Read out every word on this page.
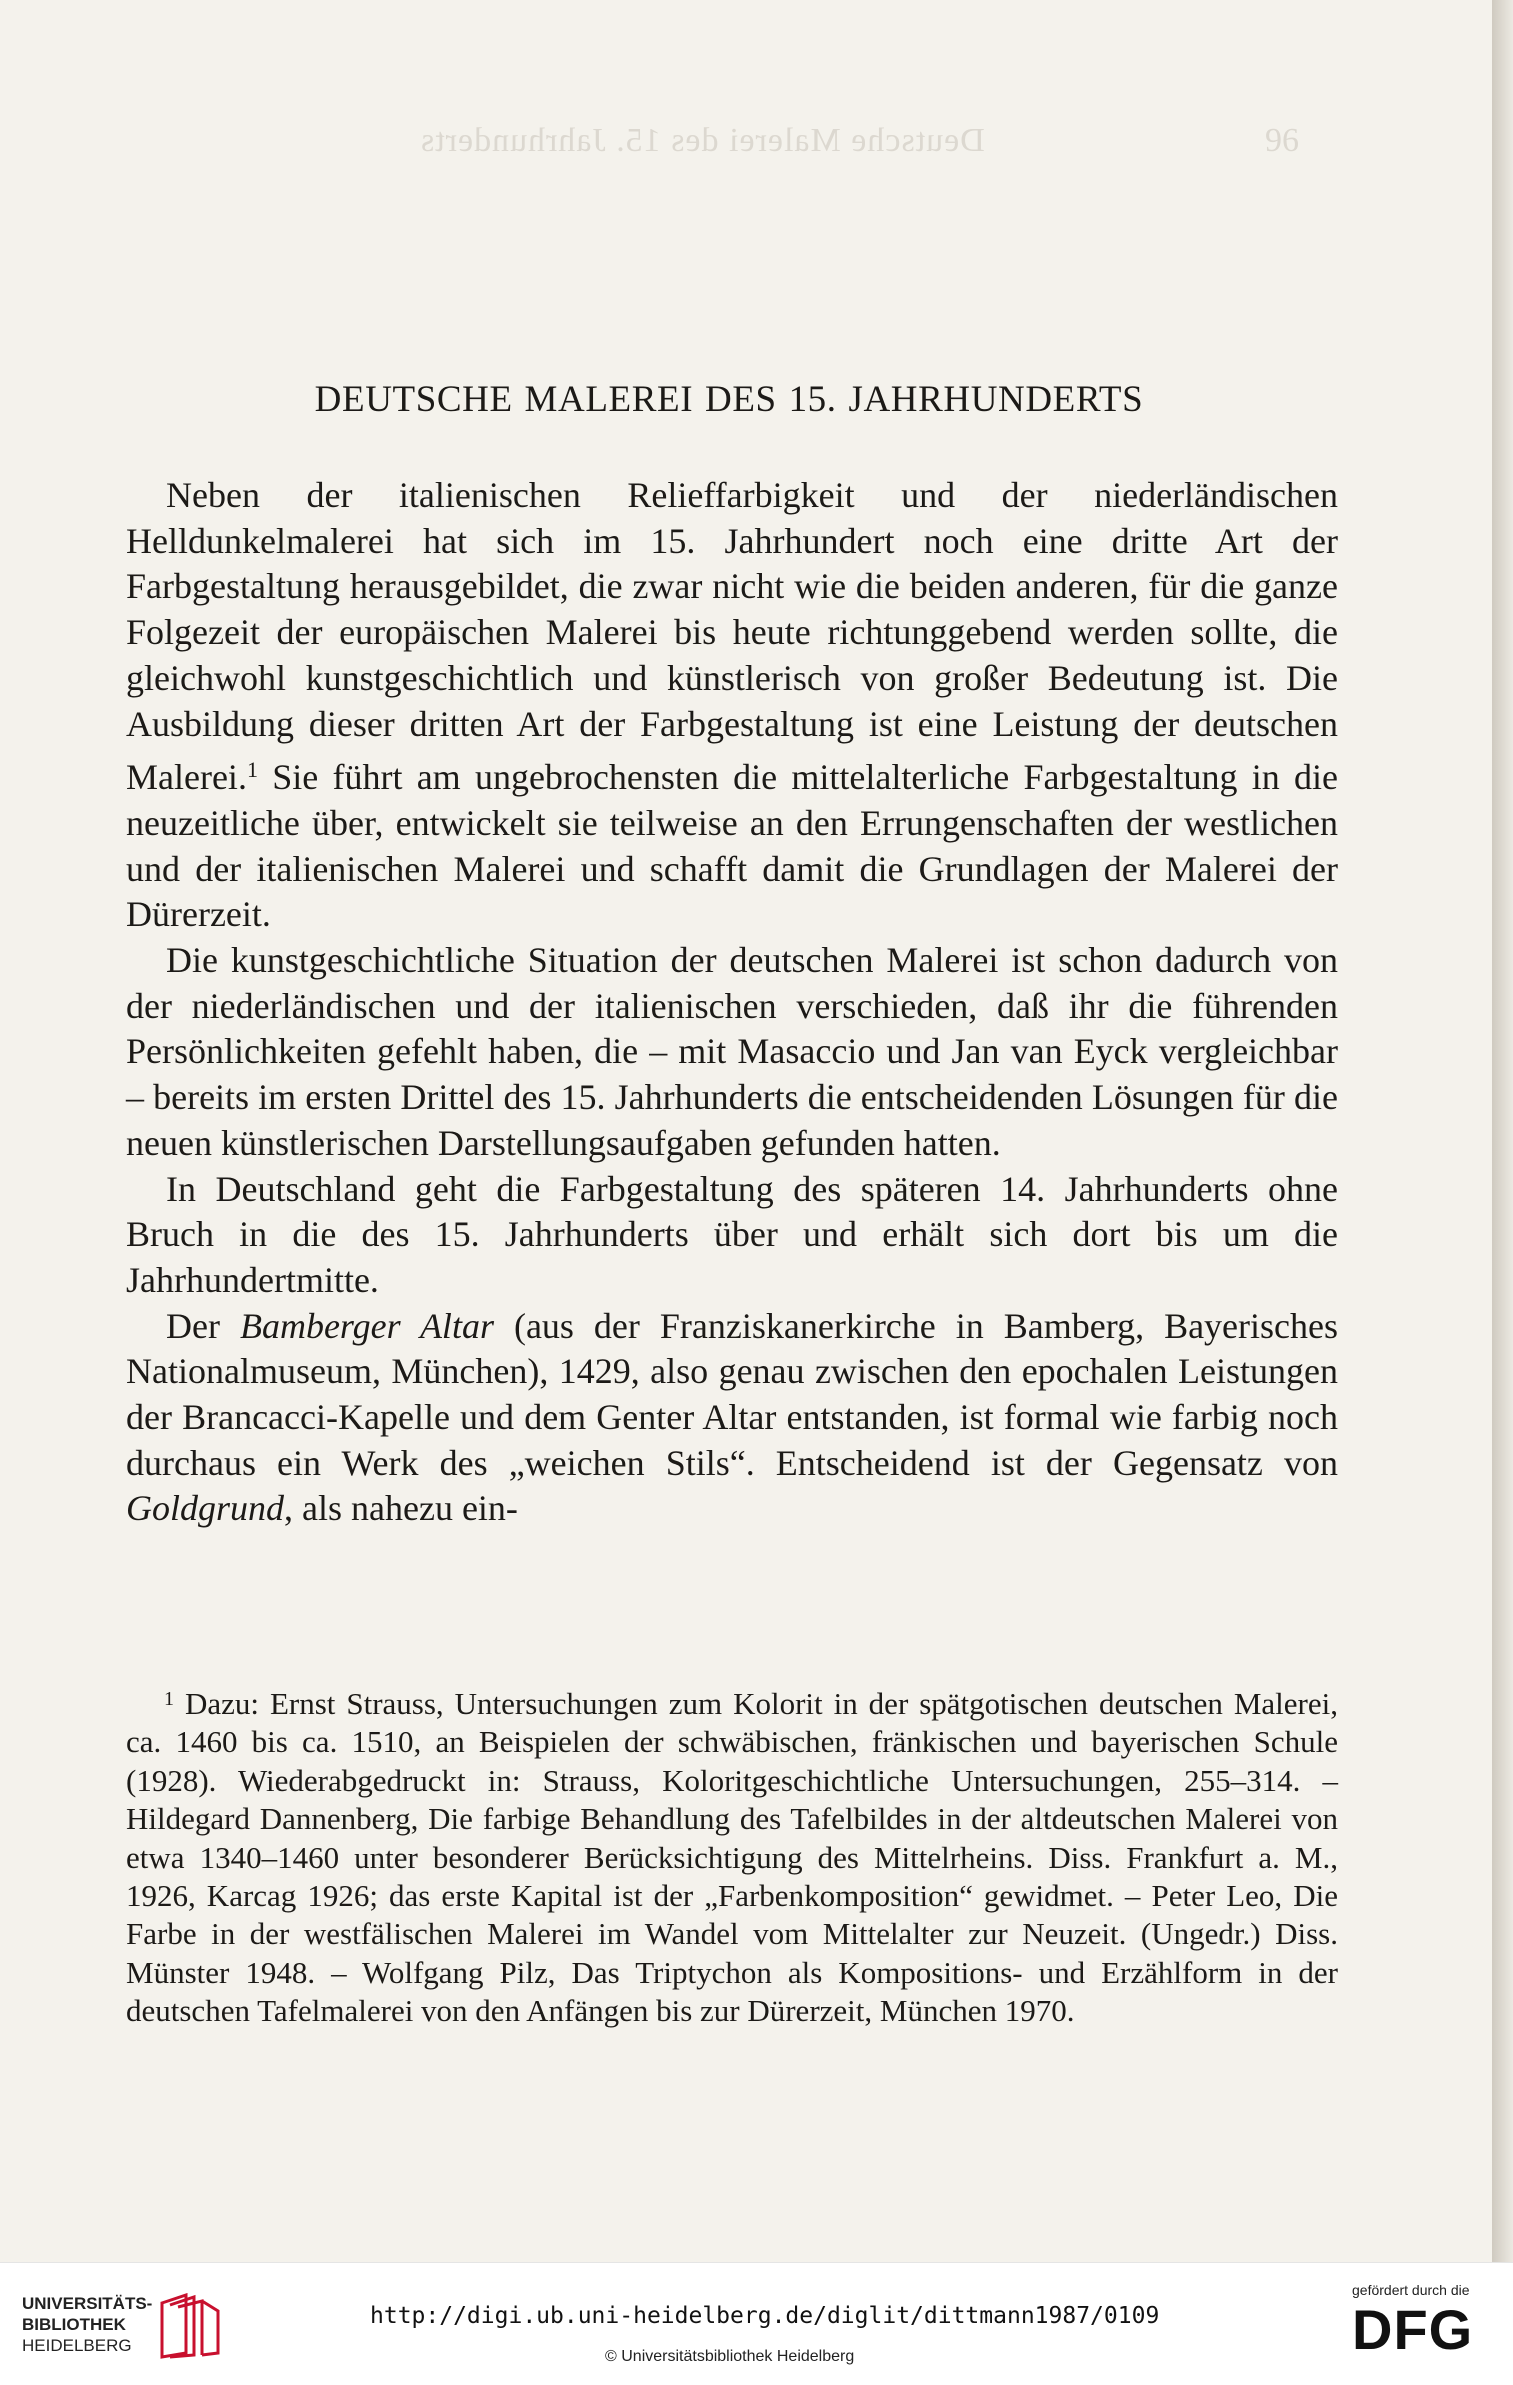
Deutsche Malerei des 15. Jahrhunderts	96
DEUTSCHE MALEREI DES 15. JAHRHUNDERTS

Neben der italienischen Relieffarbigkeit und der niederländischen Helldunkelmalerei hat sich im 15. Jahrhundert noch eine dritte Art der Farbgestaltung herausgebildet, die zwar nicht wie die beiden anderen, für die ganze Folgezeit der europäischen Malerei bis heute richtunggebend werden sollte, die gleichwohl kunstgeschichtlich und künstlerisch von großer Bedeutung ist. Die Ausbildung dieser dritten Art der Farbgestaltung ist eine Leistung der deutschen Malerei.$^1$ Sie führt am ungebrochensten die mittelalterliche Farbgestaltung in die neuzeitliche über, entwickelt sie teilweise an den Errungenschaften der westlichen und der italienischen Malerei und schafft damit die Grundlagen der Malerei der Dürerzeit.

Die kunstgeschichtliche Situation der deutschen Malerei ist schon dadurch von der niederländischen und der italienischen verschieden, daß ihr die führenden Persönlichkeiten gefehlt haben, die – mit Masaccio und Jan van Eyck vergleichbar – bereits im ersten Drittel des 15. Jahrhunderts die entscheidenden Lösungen für die neuen künstlerischen Darstellungsaufgaben gefunden hatten.

In Deutschland geht die Farbgestaltung des späteren 14. Jahrhunderts ohne Bruch in die des 15. Jahrhunderts über und erhält sich dort bis um die Jahrhundertmitte.

Der Bamberger Altar (aus der Franziskanerkirche in Bamberg, Bayerisches Nationalmuseum, München), 1429, also genau zwischen den epochalen Leistungen der Brancacci-Kapelle und dem Genter Altar entstanden, ist formal wie farbig noch durchaus ein Werk des „weichen Stils“. Entscheidend ist der Gegensatz von Goldgrund, als nahezu ein-

$^1$ Dazu: Ernst Strauss, Untersuchungen zum Kolorit in der spätgotischen deutschen Malerei, ca. 1460 bis ca. 1510, an Beispielen der schwäbischen, fränkischen und bayerischen Schule (1928). Wiederabgedruckt in: Strauss, Koloritgeschichtliche Untersuchungen, 255–314. – Hildegard Dannenberg, Die farbige Behandlung des Tafelbildes in der altdeutschen Malerei von etwa 1340–1460 unter besonderer Berücksichtigung des Mittelrheins. Diss. Frankfurt a. M., 1926, Karcag 1926; das erste Kapital ist der „Farbenkomposition“ gewidmet. – Peter Leo, Die Farbe in der westfälischen Malerei im Wandel vom Mittelalter zur Neuzeit. (Ungedr.) Diss. Münster 1948. – Wolfgang Pilz, Das Triptychon als Kompositions- und Erzählform in der deutschen Tafelmalerei von den Anfängen bis zur Dürerzeit, München 1970.

UNIVERSITÄTS-
BIBLIOTHEK
HEIDELBERG
http://digi.ub.uni-heidelberg.de/diglit/dittmann1987/0109
© Universitätsbibliothek Heidelberg
gefördert durch die
DFG
